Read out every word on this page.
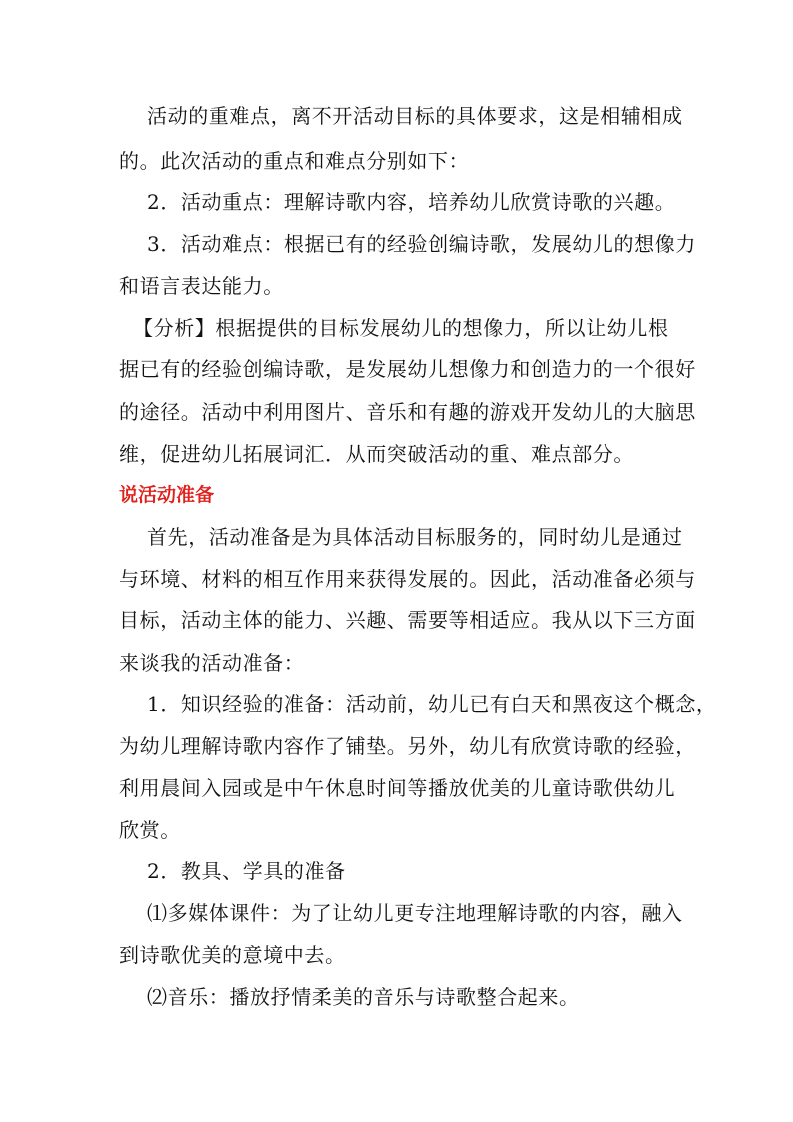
活动的重难点，离不开活动目标的具体要求，这是相辅相成
的。此次活动的重点和难点分别如下：
2．活动重点：理解诗歌内容，培养幼儿欣赏诗歌的兴趣。
3．活动难点：根据已有的经验创编诗歌，发展幼儿的想像力
和语言表达能力。
【分析】根据提供的目标发展幼儿的想像力，所以让幼儿根
据已有的经验创编诗歌，是发展幼儿想像力和创造力的一个很好
的途径。活动中利用图片、音乐和有趣的游戏开发幼儿的大脑思
维，促进幼儿拓展词汇．从而突破活动的重、难点部分。
说活动准备
首先，活动准备是为具体活动目标服务的，同时幼儿是通过
与环境、材料的相互作用来获得发展的。因此，活动准备必须与
目标，活动主体的能力、兴趣、需要等相适应。我从以下三方面
来谈我的活动准备：
1．知识经验的准备：活动前，幼儿已有白天和黑夜这个概念，
为幼儿理解诗歌内容作了铺垫。另外，幼儿有欣赏诗歌的经验，
利用晨间入园或是中午休息时间等播放优美的儿童诗歌供幼儿
欣赏。
2．教具、学具的准备
⑴多媒体课件：为了让幼儿更专注地理解诗歌的内容，融入
到诗歌优美的意境中去。
⑵音乐：播放抒情柔美的音乐与诗歌整合起来。
